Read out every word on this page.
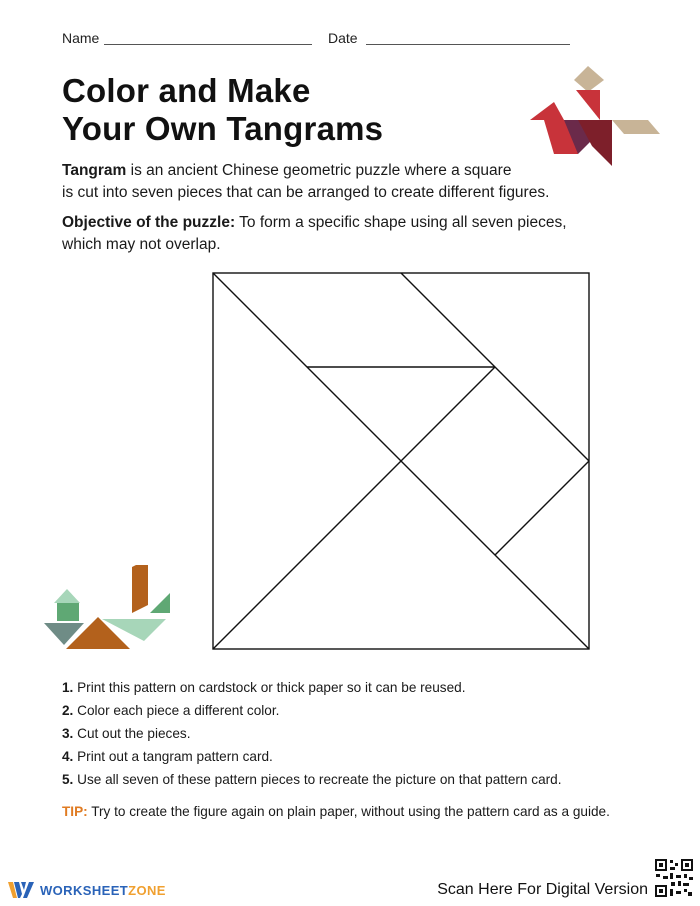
Name	Date
Color and Make
Your Own Tangrams
Tangram is an ancient Chinese geometric puzzle where a square
is cut into seven pieces that can be arranged to create different figures.
Objective of the puzzle: To form a specific shape using all seven pieces,
which may not overlap.
1. Print this pattern on cardstock or thick paper so it can be reused.
2. Color each piece a different color.
3. Cut out the pieces.
4. Print out a tangram pattern card.
5. Use all seven of these pattern pieces to recreate the picture on that pattern card.
TIP: Try to create the figure again on plain paper, without using the pattern card as a guide.
WORKSHEETZONE	Scan Here For Digital Version
